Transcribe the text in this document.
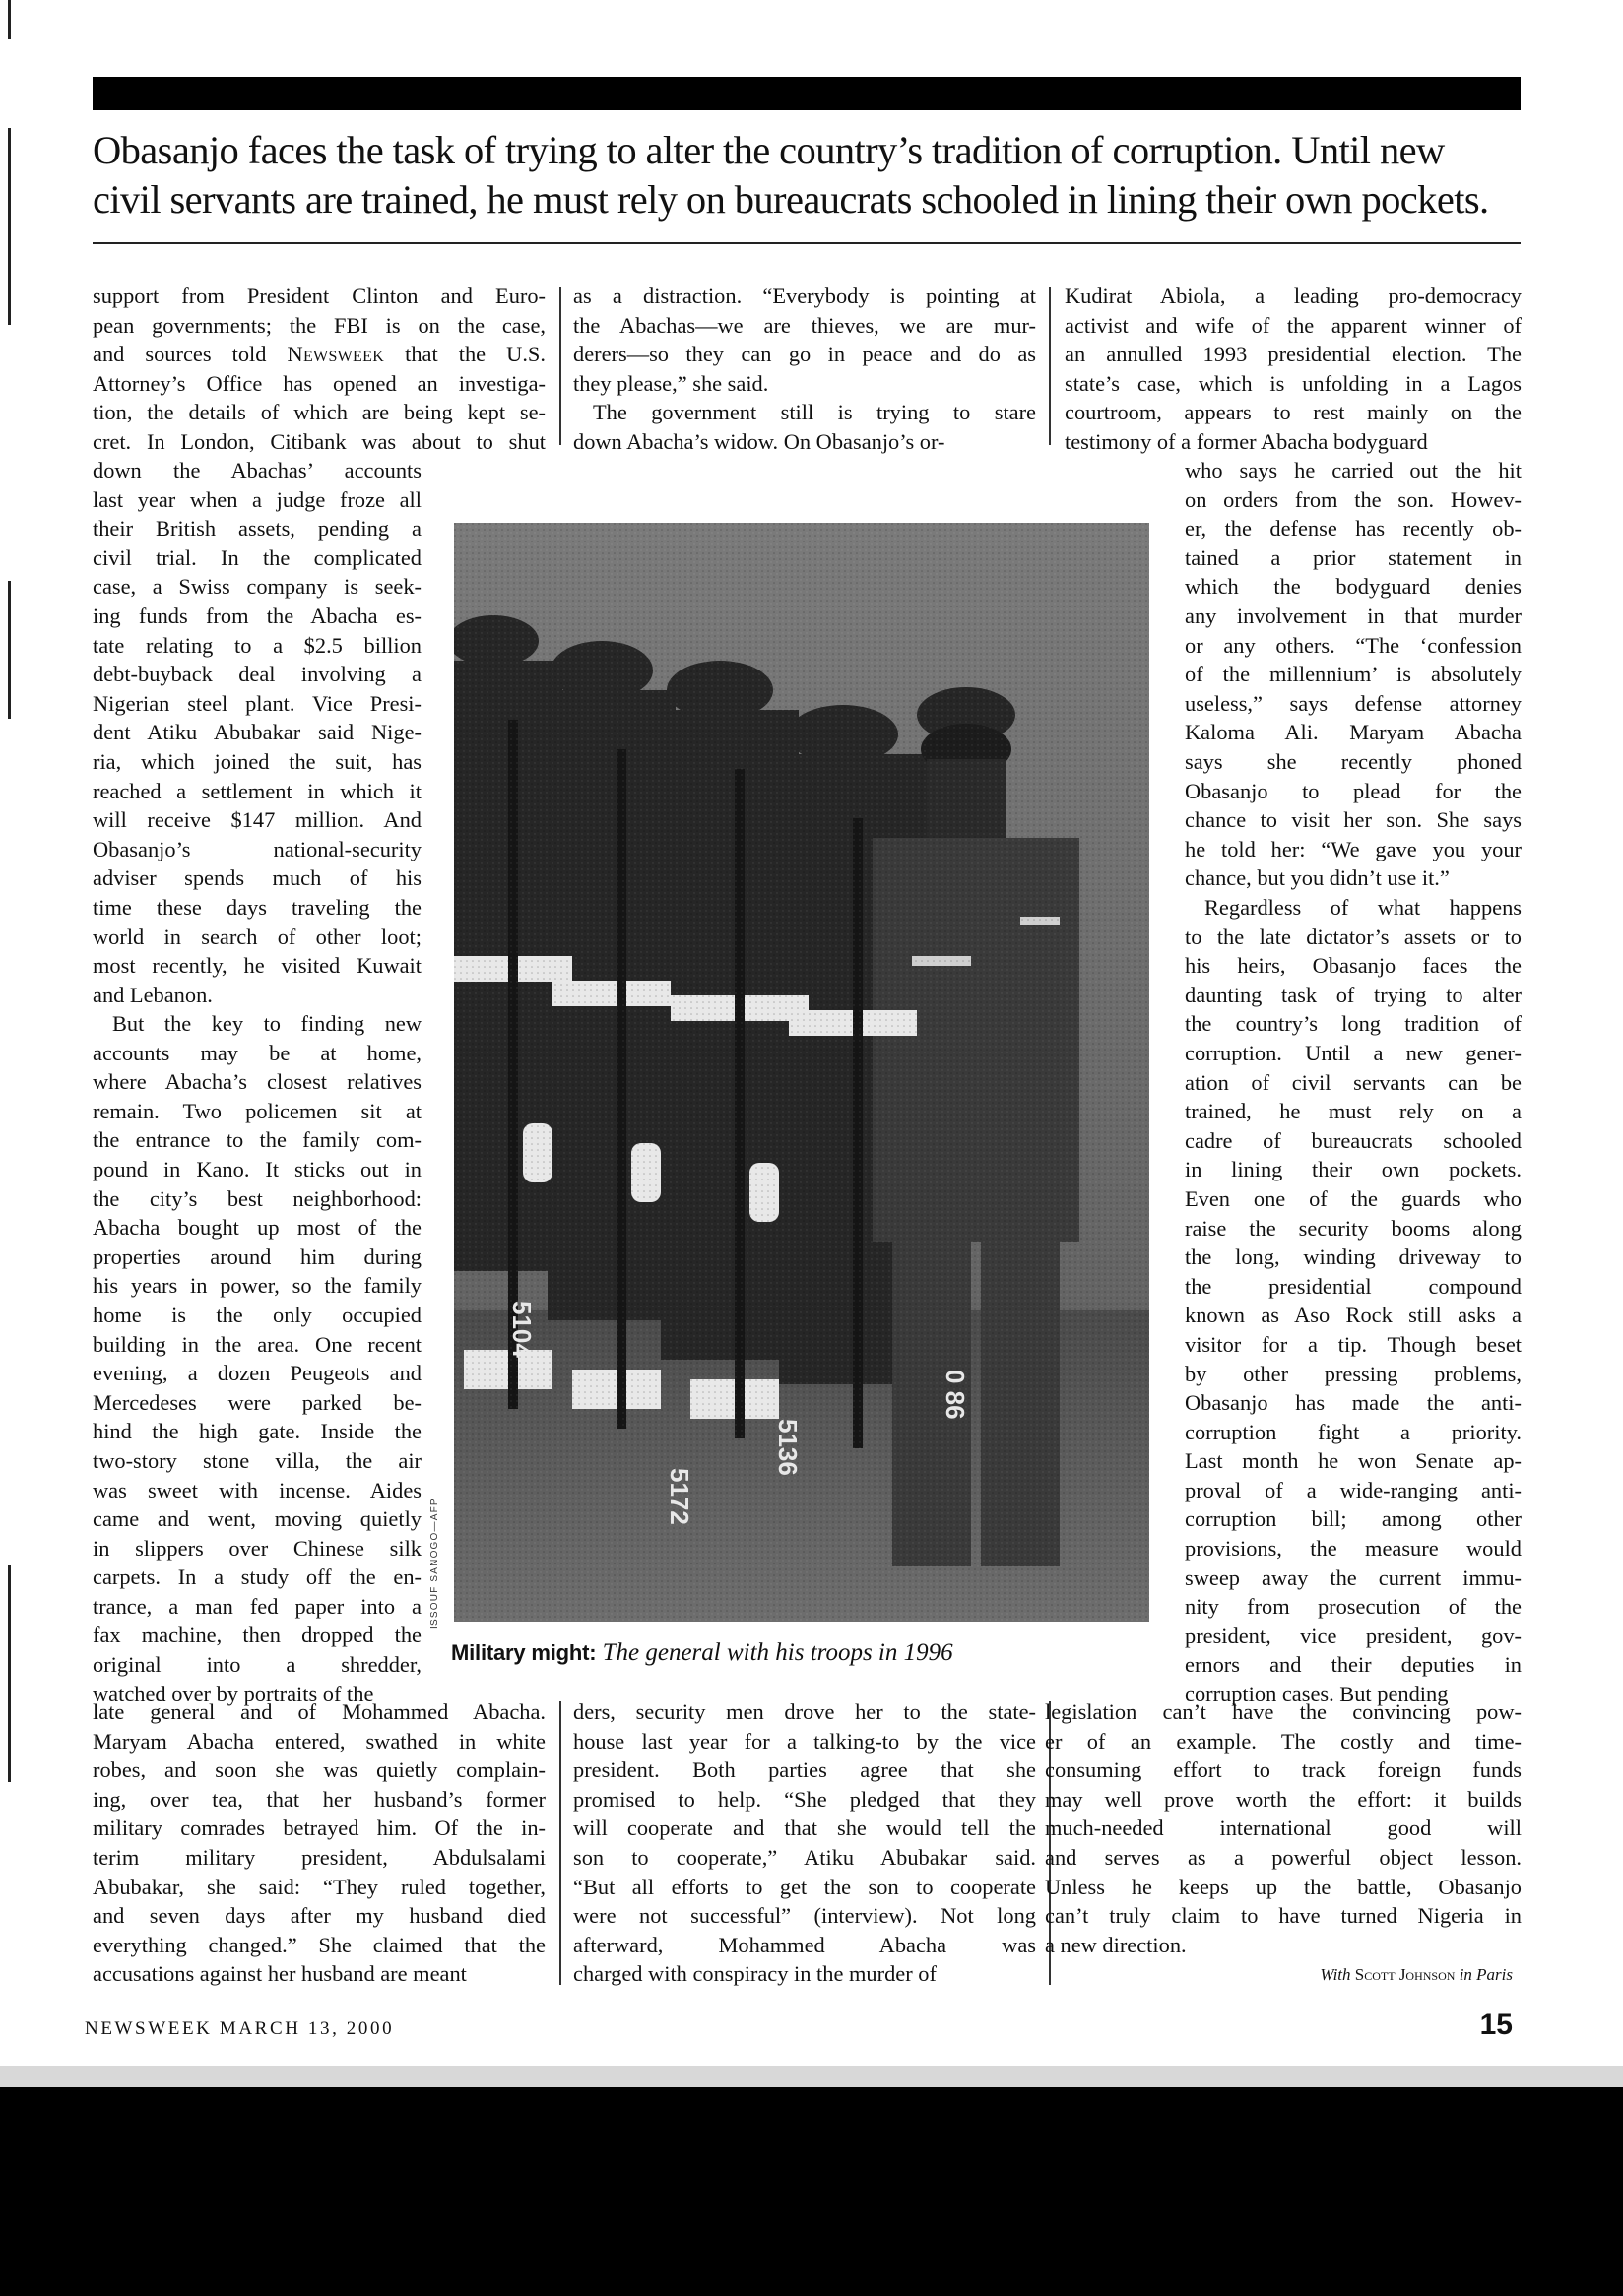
Obasanjo faces the task of trying to alter the country’s tradition of corruption. Until new
civil servants are trained, he must rely on bureaucrats schooled in lining their own pockets.

support from President Clinton and Euro-

pean governments; the FBI is on the case,

and sources told Newsweek that the U.S.

Attorney’s Office has opened an investiga-

tion, the details of which are being kept se-

cret. In London, Citibank was about to shut

down the Abachas’ accounts

last year when a judge froze all

their British assets, pending a

civil trial. In the complicated

case, a Swiss company is seek-

ing funds from the Abacha es-

tate relating to a $2.5 billion

debt-buyback deal involving a

Nigerian steel plant. Vice Presi-

dent Atiku Abubakar said Nige-

ria, which joined the suit, has

reached a settlement in which it

will receive $147 million. And

Obasanjo’s national-security

adviser spends much of his

time these days traveling the

world in search of other loot;

most recently, he visited Kuwait

and Lebanon.

But the key to finding new

accounts may be at home,

where Abacha’s closest relatives

remain. Two policemen sit at

the entrance to the family com-

pound in Kano. It sticks out in

the city’s best neighborhood:

Abacha bought up most of the

properties around him during

his years in power, so the family

home is the only occupied

building in the area. One recent

evening, a dozen Peugeots and

Mercedeses were parked be-

hind the high gate. Inside the

two-story stone villa, the air

was sweet with incense. Aides

came and went, moving quietly

in slippers over Chinese silk

carpets. In a study off the en-

trance, a man fed paper into a

fax machine, then dropped the

original into a shredder,

watched over by portraits of the

late general and of Mohammed Abacha.

Maryam Abacha entered, swathed in white

robes, and soon she was quietly complain-

ing, over tea, that her husband’s former

military comrades betrayed him. Of the in-

terim military president, Abdulsalami

Abubakar, she said: “They ruled together,

and seven days after my husband died

everything changed.” She claimed that the

accusations against her husband are meant

as a distraction. “Everybody is pointing at

the Abachas—we are thieves, we are mur-

derers—so they can go in peace and do as

they please,” she said.

The government still is trying to stare

down Abacha’s widow. On Obasanjo’s or-

ders, security men drove her to the state-

house last year for a talking-to by the vice

president. Both parties agree that she

promised to help. “She pledged that they

will cooperate and that she would tell the

son to cooperate,” Atiku Abubakar said.

“But all efforts to get the son to cooperate

were not successful” (interview). Not long

afterward, Mohammed Abacha was

charged with conspiracy in the murder of

Kudirat Abiola, a leading pro-democracy

activist and wife of the apparent winner of

an annulled 1993 presidential election. The

state’s case, which is unfolding in a Lagos

courtroom, appears to rest mainly on the

testimony of a former Abacha bodyguard

who says he carried out the hit

on orders from the son. Howev-

er, the defense has recently ob-

tained a prior statement in

which the bodyguard denies

any involvement in that murder

or any others. “The ‘confession

of the millennium’ is absolutely

useless,” says defense attorney

Kaloma Ali. Maryam Abacha

says she recently phoned

Obasanjo to plead for the

chance to visit her son. She says

he told her: “We gave you your

chance, but you didn’t use it.”

Regardless of what happens

to the late dictator’s assets or to

his heirs, Obasanjo faces the

daunting task of trying to alter

the country’s long tradition of

corruption. Until a new gener-

ation of civil servants can be

trained, he must rely on a

cadre of bureaucrats schooled

in lining their own pockets.

Even one of the guards who

raise the security booms along

the long, winding driveway to

the presidential compound

known as Aso Rock still asks a

visitor for a tip. Though beset

by other pressing problems,

Obasanjo has made the anti-

corruption fight a priority.

Last month he won Senate ap-

proval of a wide-ranging anti-

corruption bill; among other

provisions, the measure would

sweep away the current immu-

nity from prosecution of the

president, vice president, gov-

ernors and their deputies in

corruption cases. But pending

legislation can’t have the convincing pow-

er of an example. The costly and time-

consuming effort to track foreign funds

may well prove worth the effort: it builds

much-needed international good will

and serves as a powerful object lesson.

Unless he keeps up the battle, Obasanjo

can’t truly claim to have turned Nigeria in

a new direction.

5104
5172
5136
0 86
ISSOUF SANOGO—AFP
Military might: The general with his troops in 1996
With Scott Johnson in Paris
NEWSWEEK MARCH 13, 2000	15
